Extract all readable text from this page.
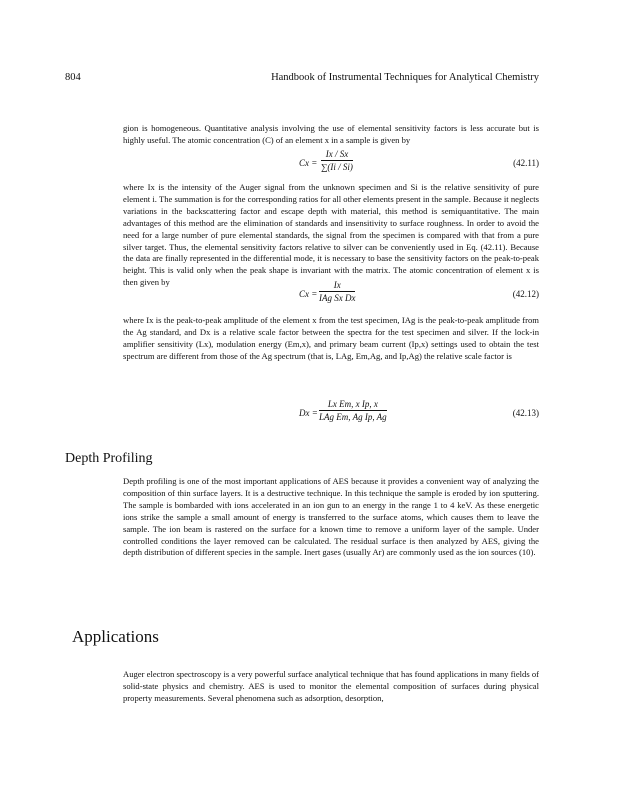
804	Handbook of Instrumental Techniques for Analytical Chemistry

gion is homogeneous. Quantitative analysis involving the use of elemental sensitivity factors is less accurate but is highly useful. The atomic concentration (C) of an element x in a sample is given by

$Cx = \frac{Ix / Sx}{\sum(Ii / Si)}$	(42.11)

where Ix is the intensity of the Auger signal from the unknown specimen and Si is the relative sensitivity of pure element i. The summation is for the corresponding ratios for all other elements present in the sample. Because it neglects variations in the backscattering factor and escape depth with material, this method is semiquantitative. The main advantages of this method are the elimination of standards and insensitivity to surface roughness. In order to avoid the need for a large number of pure elemental standards, the signal from the specimen is compared with that from a pure silver target. Thus, the elemental sensitivity factors relative to silver can be conveniently used in Eq. (42.11). Because the data are finally represented in the differential mode, it is necessary to base the sensitivity factors on the peak-to-peak height. This is valid only when the peak shape is invariant with the matrix. The atomic concentration of element x is then given by

Cx =
Ix
IAg Sx Dx	(42.12)

where Ix is the peak-to-peak amplitude of the element x from the test specimen, IAg is the peak-to-peak amplitude from the Ag standard, and Dx is a relative scale factor between the spectra for the test specimen and silver. If the lock-in amplifier sensitivity (Lx), modulation energy (Em,x), and primary beam current (Ip,x) settings used to obtain the test spectrum are different from those of the Ag spectrum (that is, LAg, Em,Ag, and Ip,Ag) the relative scale factor is

Dx =
Lx Em, x Ip, x
LAg Em, Ag Ip, Ag	(42.13)
Depth Profiling

Depth profiling is one of the most important applications of AES because it provides a convenient way of analyzing the composition of thin surface layers. It is a destructive technique. In this technique the sample is eroded by ion sputtering. The sample is bombarded with ions accelerated in an ion gun to an energy in the range 1 to 4 keV. As these energetic ions strike the sample a small amount of energy is transferred to the surface atoms, which causes them to leave the sample. The ion beam is rastered on the surface for a known time to remove a uniform layer of the sample. Under controlled conditions the layer removed can be calculated. The residual surface is then analyzed by AES, giving the depth distribution of different species in the sample. Inert gases (usually Ar) are commonly used as the ion sources (10).

Applications

Auger electron spectroscopy is a very powerful surface analytical technique that has found applications in many fields of solid-state physics and chemistry. AES is used to monitor the elemental composition of surfaces during physical property measurements. Several phenomena such as adsorption, desorption,
